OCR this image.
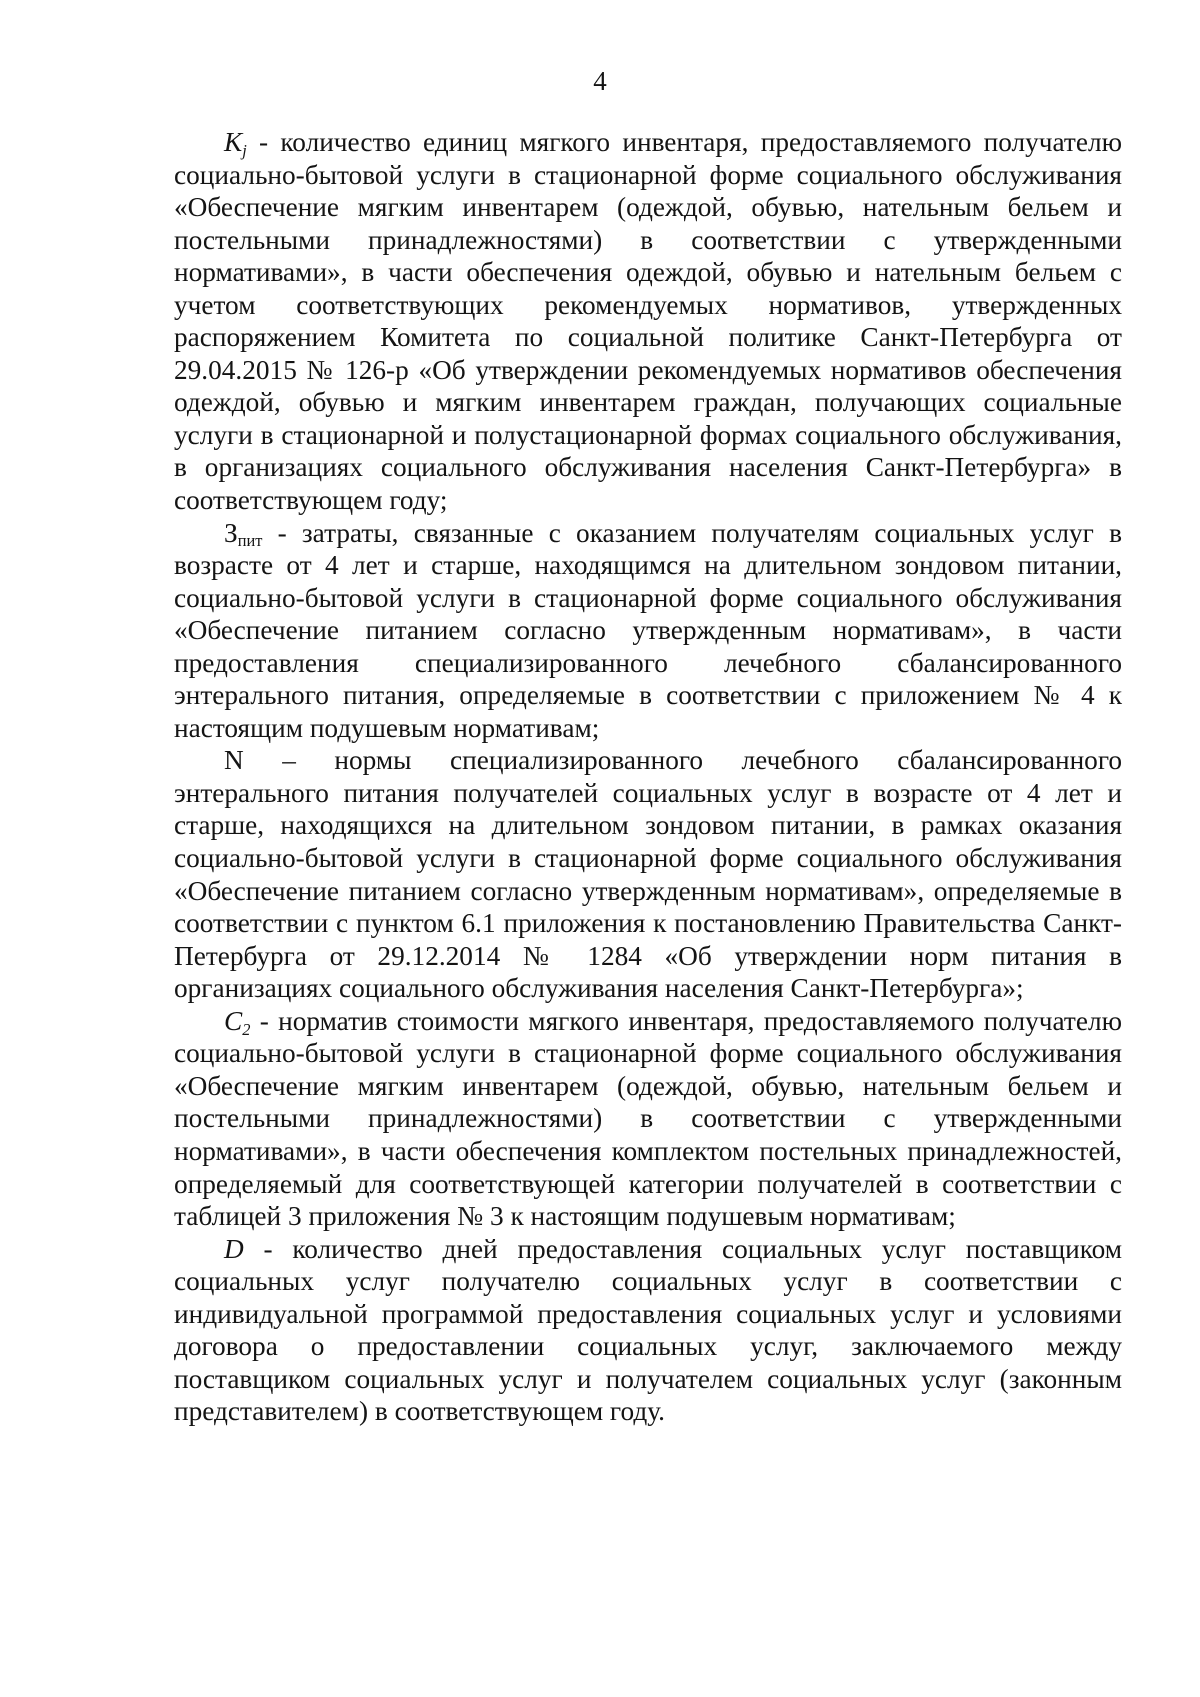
4

Kj - количество единиц мягкого инвентаря, предоставляемого получателю социально-бытовой услуги в стационарной форме социального обслуживания «Обеспечение мягким инвентарем (одеждой, обувью, нательным бельем и постельными принадлежностями) в соответствии с утвержденными нормативами», в части обеспечения одеждой, обувью и нательным бельем с учетом соответствующих рекомендуемых нормативов, утвержденных распоряжением Комитета по социальной политике Санкт-Петербурга от 29.04.2015 № 126-р «Об утверждении рекомендуемых нормативов обеспечения одеждой, обувью и мягким инвентарем граждан, получающих социальные услуги в стационарной и полустационарной формах социального обслуживания, в организациях социального обслуживания населения Санкт-Петербурга» в соответствующем году;

Зпит - затраты, связанные с оказанием получателям социальных услуг в возрасте от 4 лет и старше, находящимся на длительном зондовом питании, социально-бытовой услуги в стационарной форме социального обслуживания «Обеспечение питанием согласно утвержденным нормативам», в части предоставления специализированного лечебного сбалансированного энтерального питания, определяемые в соответствии с приложением № 4 к настоящим подушевым нормативам;

N – нормы специализированного лечебного сбалансированного энтерального питания получателей социальных услуг в возрасте от 4 лет и старше, находящихся на длительном зондовом питании, в рамках оказания социально-бытовой услуги в стационарной форме социального обслуживания «Обеспечение питанием согласно утвержденным нормативам», определяемые в соответствии с пунктом 6.1 приложения к постановлению Правительства Санкт-Петербурга от 29.12.2014 № 1284 «Об утверждении норм питания в организациях социального обслуживания населения Санкт-Петербурга»;

C2 - норматив стоимости мягкого инвентаря, предоставляемого получателю социально-бытовой услуги в стационарной форме социального обслуживания «Обеспечение мягким инвентарем (одеждой, обувью, нательным бельем и постельными принадлежностями) в соответствии с утвержденными нормативами», в части обеспечения комплектом постельных принадлежностей, определяемый для соответствующей категории получателей в соответствии с таблицей 3 приложения № 3 к настоящим подушевым нормативам;

D - количество дней предоставления социальных услуг поставщиком социальных услуг получателю социальных услуг в соответствии с индивидуальной программой предоставления социальных услуг и условиями договора о предоставлении социальных услуг, заключаемого между поставщиком социальных услуг и получателем социальных услуг (законным представителем) в соответствующем году.
